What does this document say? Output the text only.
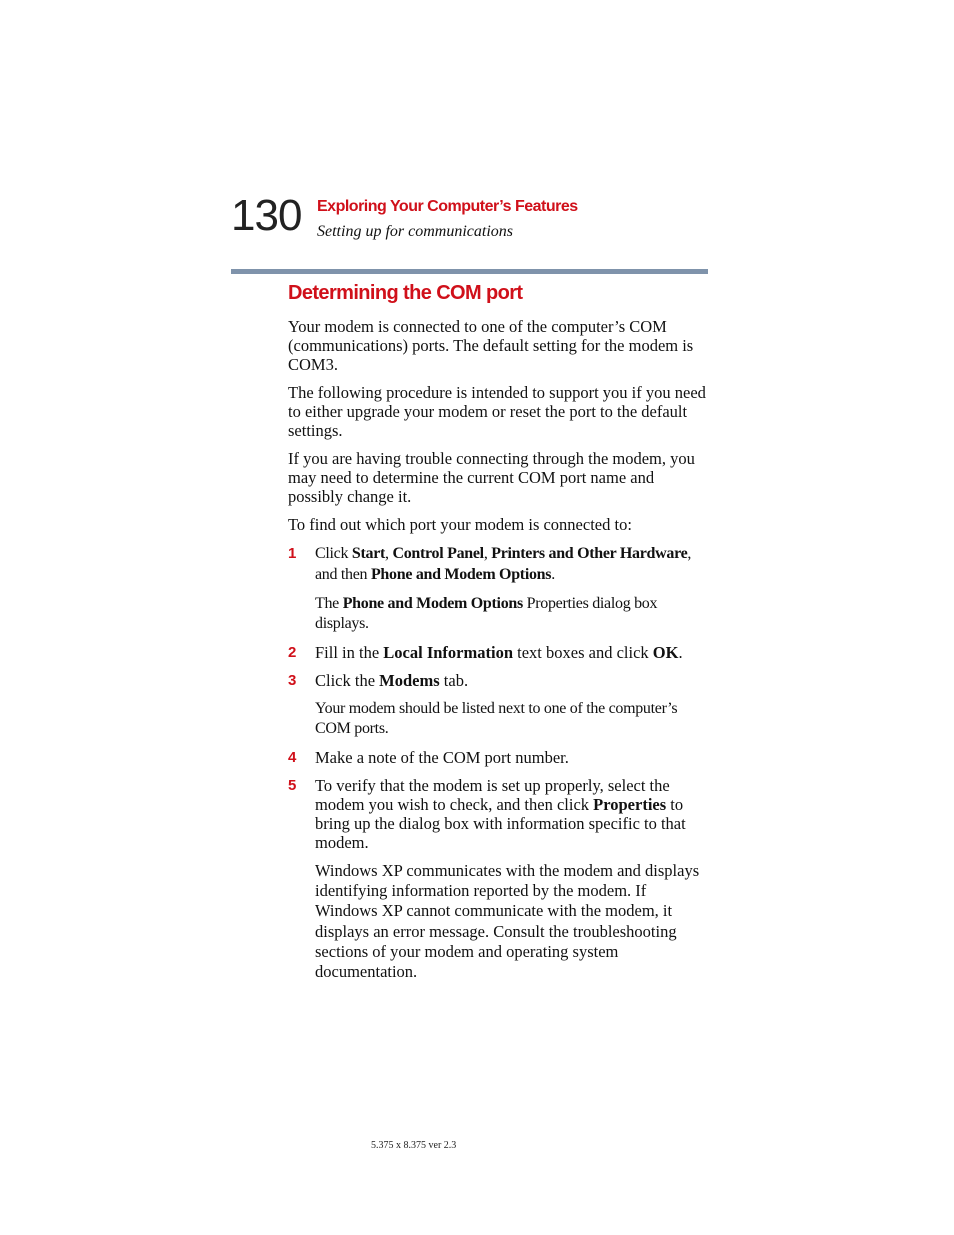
130 Exploring Your Computer’s Features
Setting up for communications
Determining the COM port

Your modem is connected to one of the computer’s COM (communications) ports. The default setting for the modem is COM3.

The following procedure is intended to support you if you need to either upgrade your modem or reset the port to the default settings.

If you are having trouble connecting through the modem, you may need to determine the current COM port name and possibly change it.

To find out which port your modem is connected to:

1 Click Start, Control Panel, Printers and Other Hardware, and then Phone and Modem Options.
The Phone and Modem Options Properties dialog box displays.
2 Fill in the Local Information text boxes and click OK.
3 Click the Modems tab.
Your modem should be listed next to one of the computer’s COM ports.
4 Make a note of the COM port number.
5 To verify that the modem is set up properly, select the modem you wish to check, and then click Properties to bring up the dialog box with information specific to that modem.
Windows XP communicates with the modem and displays identifying information reported by the modem. If Windows XP cannot communicate with the modem, it displays an error message. Consult the troubleshooting sections of your modem and operating system documentation.
5.375 x 8.375 ver 2.3
